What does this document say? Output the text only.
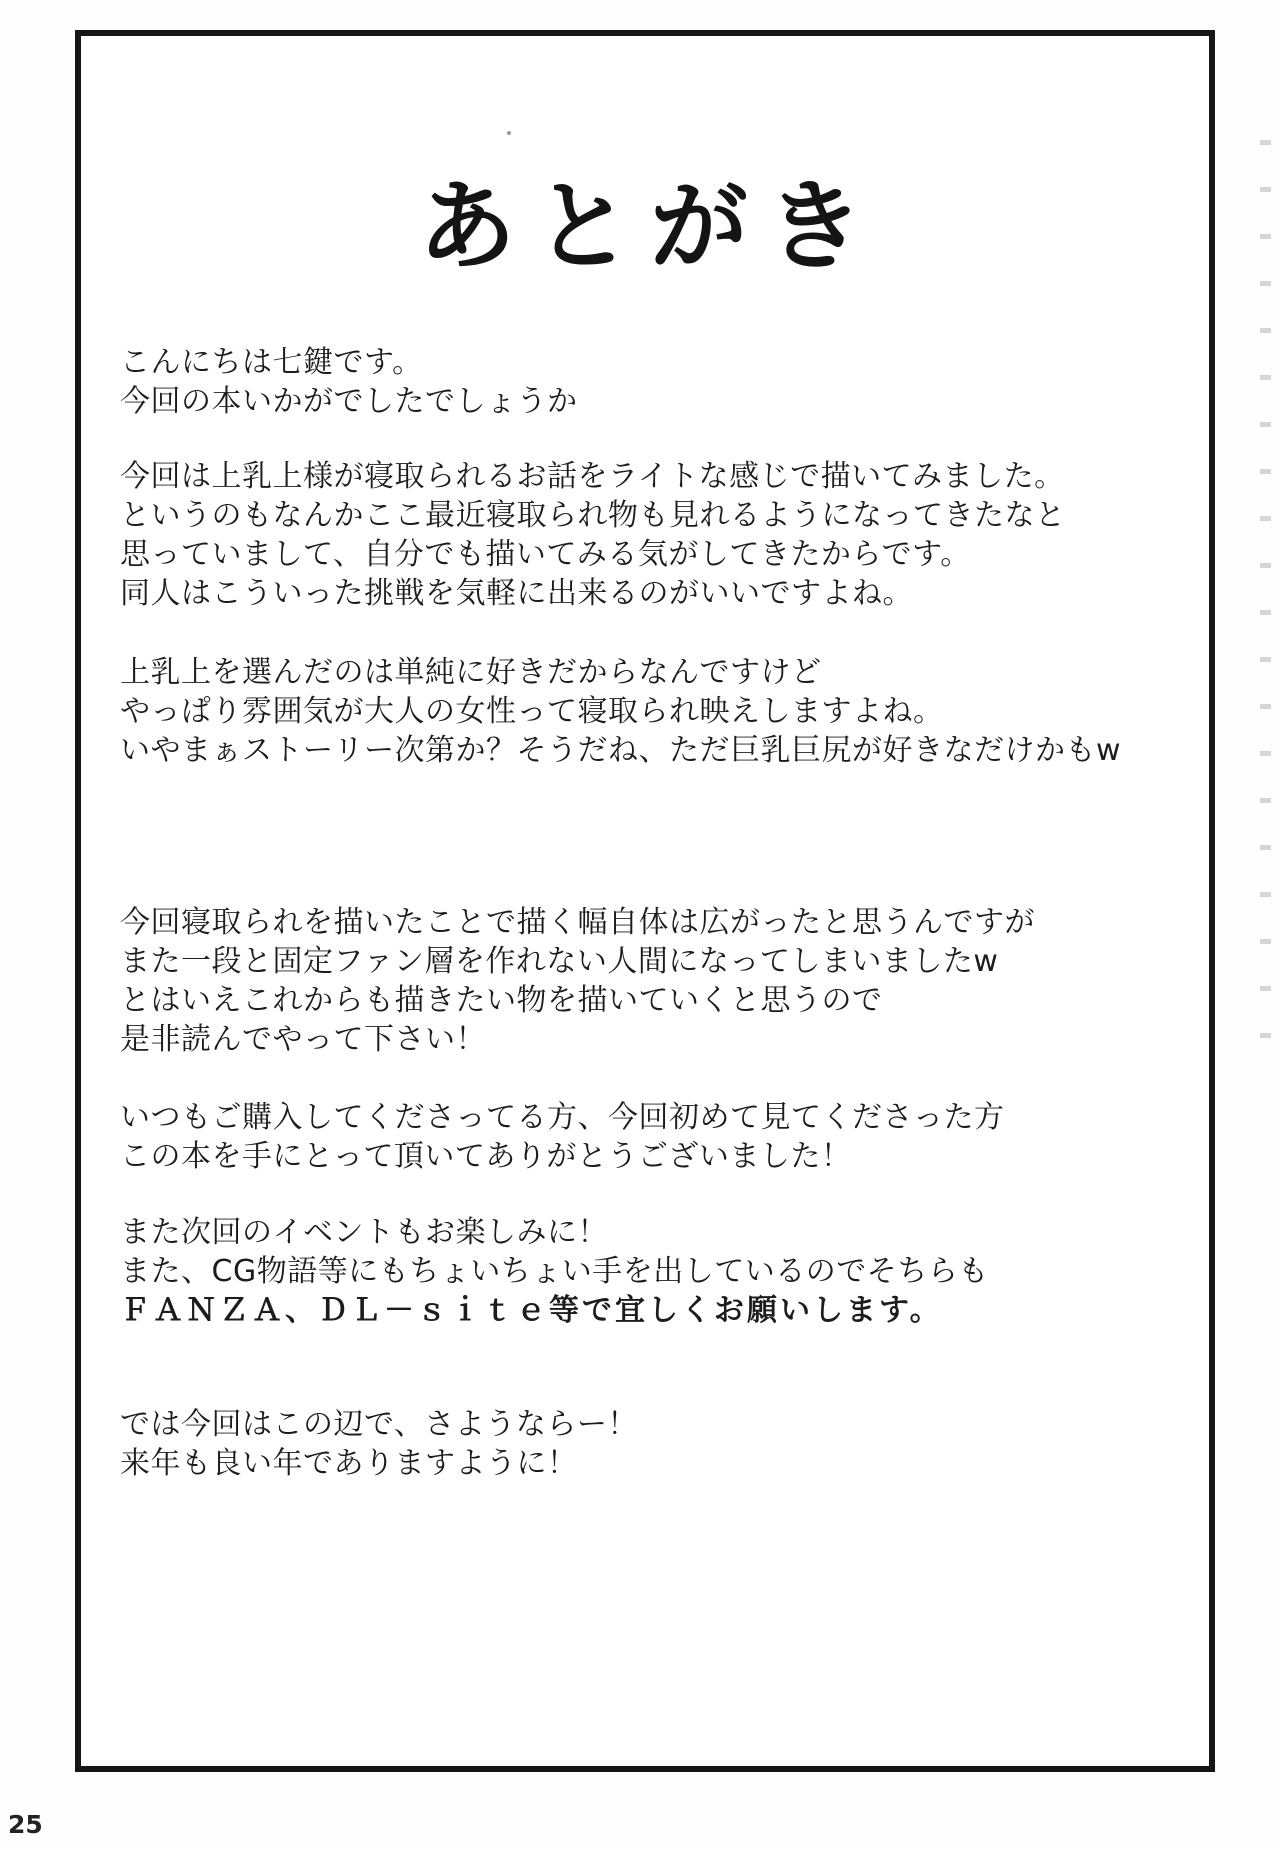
あとがき
こんにちは七鍵です。
今回の本いかがでしたでしょうか
今回は上乳上様が寝取られるお話をライトな感じで描いてみました。
というのもなんかここ最近寝取られ物も見れるようになってきたなと
思っていまして、自分でも描いてみる気がしてきたからです。
同人はこういった挑戦を気軽に出来るのがいいですよね。
上乳上を選んだのは単純に好きだからなんですけど
やっぱり雰囲気が大人の女性って寝取られ映えしますよね。
いやまぁストーリー次第か？そうだね、ただ巨乳巨尻が好きなだけかもw
今回寝取られを描いたことで描く幅自体は広がったと思うんですが
また一段と固定ファン層を作れない人間になってしまいましたw
とはいえこれからも描きたい物を描いていくと思うので
是非読んでやって下さい！
いつもご購入してくださってる方、今回初めて見てくださった方
この本を手にとって頂いてありがとうございました！
また次回のイベントもお楽しみに！
また、CG物語等にもちょいちょい手を出しているのでそちらも
ＦＡＮＺＡ、ＤＬ－ｓｉｔｅ等で宜しくお願いします。
では今回はこの辺で、さようならー！
来年も良い年でありますように！
25
